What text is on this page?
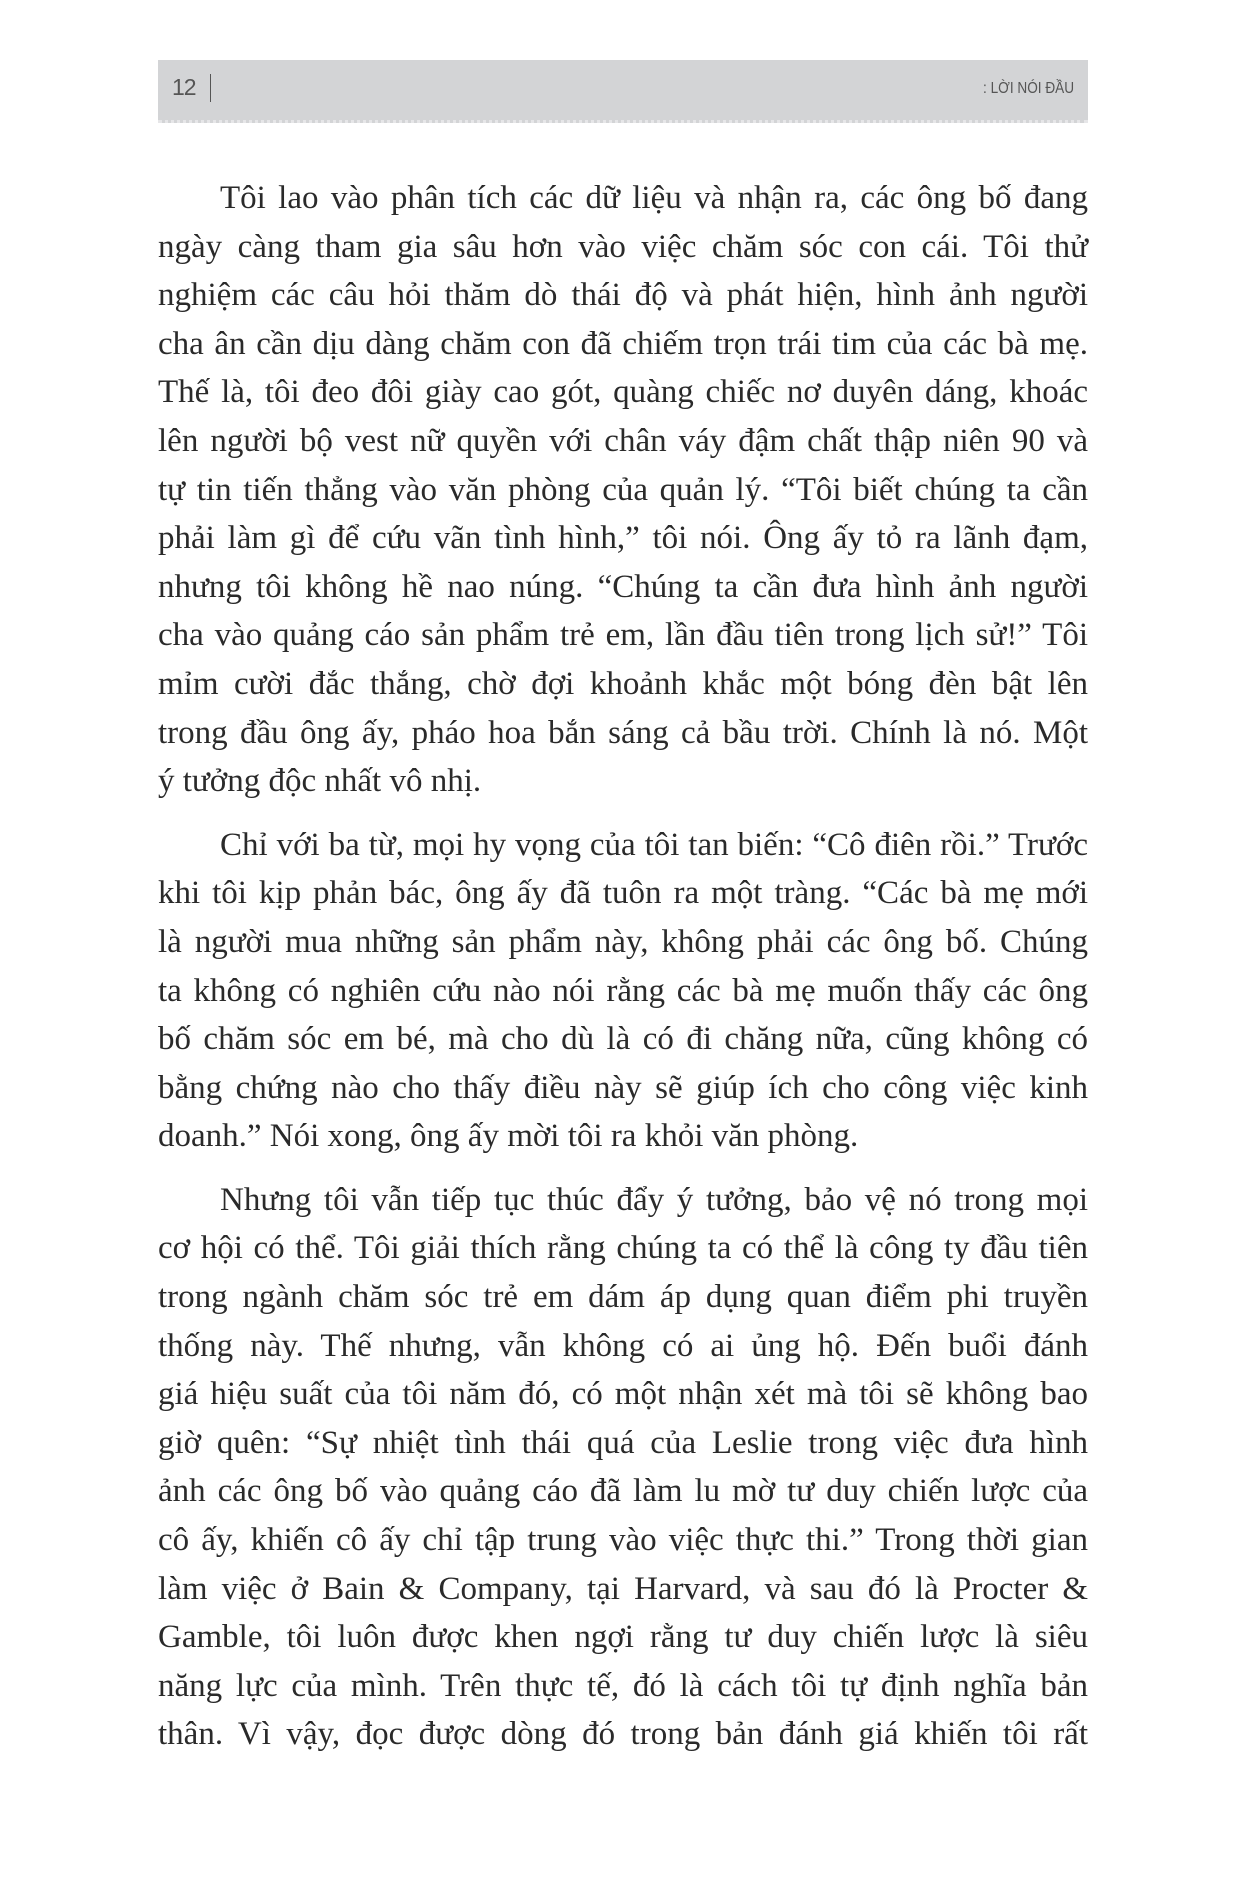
12	: LỜI NÓI ĐẦU
Tôi lao vào phân tích các dữ liệu và nhận ra, các ông bố đang
ngày càng tham gia sâu hơn vào việc chăm sóc con cái. Tôi thử
nghiệm các câu hỏi thăm dò thái độ và phát hiện, hình ảnh người
cha ân cần dịu dàng chăm con đã chiếm trọn trái tim của các bà mẹ.
Thế là, tôi đeo đôi giày cao gót, quàng chiếc nơ duyên dáng, khoác
lên người bộ vest nữ quyền với chân váy đậm chất thập niên 90 và
tự tin tiến thẳng vào văn phòng của quản lý. “Tôi biết chúng ta cần
phải làm gì để cứu vãn tình hình,” tôi nói. Ông ấy tỏ ra lãnh đạm,
nhưng tôi không hề nao núng. “Chúng ta cần đưa hình ảnh người
cha vào quảng cáo sản phẩm trẻ em, lần đầu tiên trong lịch sử!” Tôi
mỉm cười đắc thắng, chờ đợi khoảnh khắc một bóng đèn bật lên
trong đầu ông ấy, pháo hoa bắn sáng cả bầu trời. Chính là nó. Một
ý tưởng độc nhất vô nhị.
Chỉ với ba từ, mọi hy vọng của tôi tan biến: “Cô điên rồi.” Trước
khi tôi kịp phản bác, ông ấy đã tuôn ra một tràng. “Các bà mẹ mới
là người mua những sản phẩm này, không phải các ông bố. Chúng
ta không có nghiên cứu nào nói rằng các bà mẹ muốn thấy các ông
bố chăm sóc em bé, mà cho dù là có đi chăng nữa, cũng không có
bằng chứng nào cho thấy điều này sẽ giúp ích cho công việc kinh
doanh.” Nói xong, ông ấy mời tôi ra khỏi văn phòng.
Nhưng tôi vẫn tiếp tục thúc đẩy ý tưởng, bảo vệ nó trong mọi
cơ hội có thể. Tôi giải thích rằng chúng ta có thể là công ty đầu tiên
trong ngành chăm sóc trẻ em dám áp dụng quan điểm phi truyền
thống này. Thế nhưng, vẫn không có ai ủng hộ. Đến buổi đánh
giá hiệu suất của tôi năm đó, có một nhận xét mà tôi sẽ không bao
giờ quên: “Sự nhiệt tình thái quá của Leslie trong việc đưa hình
ảnh các ông bố vào quảng cáo đã làm lu mờ tư duy chiến lược của
cô ấy, khiến cô ấy chỉ tập trung vào việc thực thi.” Trong thời gian
làm việc ở Bain & Company, tại Harvard, và sau đó là Procter &
Gamble, tôi luôn được khen ngợi rằng tư duy chiến lược là siêu
năng lực của mình. Trên thực tế, đó là cách tôi tự định nghĩa bản
thân. Vì vậy, đọc được dòng đó trong bản đánh giá khiến tôi rất
